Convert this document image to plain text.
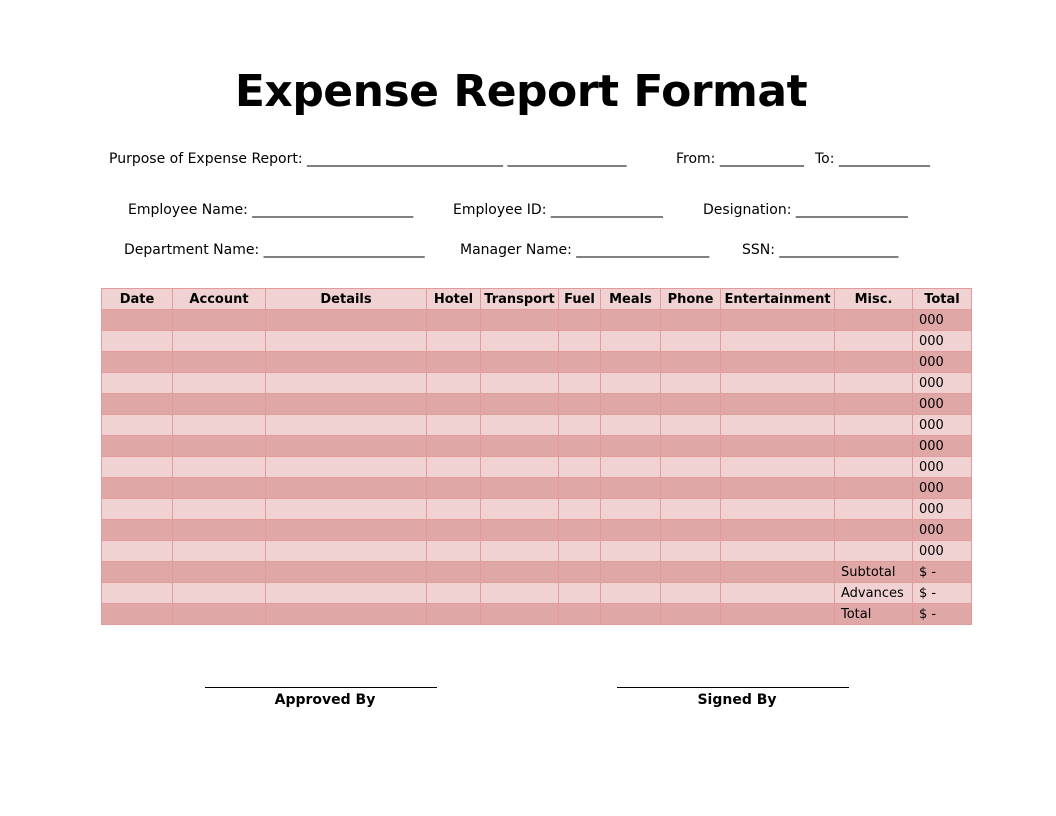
Expense Report Format
Purpose of Expense Report: ____________________________ _________________	From: ____________ To: _____________
Employee Name: _______________________	Employee ID: ________________	Designation: ________________
Department Name: _______________________	Manager Name: ___________________ SSN: _________________
Date	Account	Details	Hotel	Transport	Fuel	Meals	Phone	Entertainment	Misc.	Total
										000
										000
										000
										000
										000
										000
										000
										000
										000
										000
										000
										000
									Subtotal	$ -
									Advances	$ -
									Total	$ -
Approved By	Signed By
